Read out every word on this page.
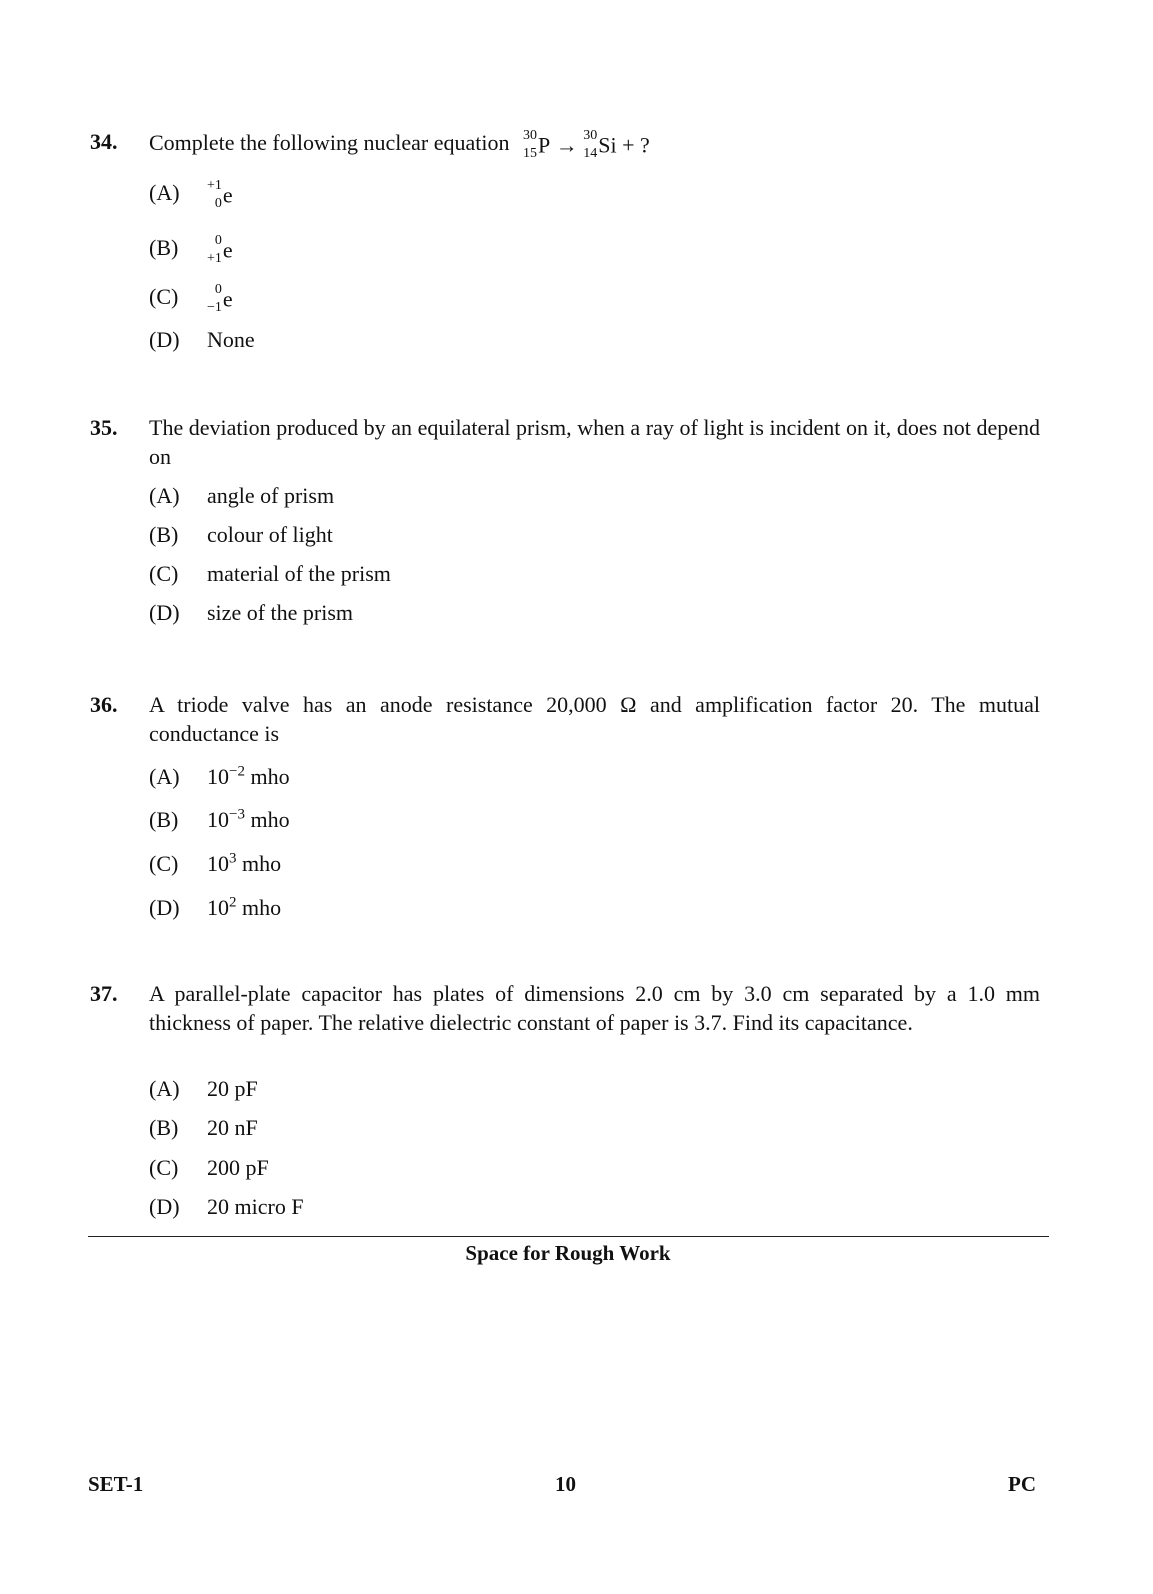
34. Complete the following nuclear equation 30
15 P → 30
14 Si + ?
(A) +1
0 e
(B)	0
+1 e
(C)	0
−1 e
(D) None
35. The deviation produced by an equilateral prism, when a ray of light is incident on it, does not depend on
(A) angle of prism
(B) colour of light
(C) material of the prism
(D) size of the prism
36. A triode valve has an anode resistance 20,000 Ω and amplification factor 20. The mutual conductance is
(A) $10^{-2}$ mho
(B) $10^{-3}$ mho
(C) $10^3$ mho
(D) $10^2$ mho
37. A parallel-plate capacitor has plates of dimensions 2.0 cm by 3.0 cm separated by a 1.0 mm thickness of paper. The relative dielectric constant of paper is 3.7. Find its capacitance.
(A) 20 pF
(B) 20 nF
(C) 200 pF
(D) 20 micro F
Space for Rough Work
SET-1	10	PC
